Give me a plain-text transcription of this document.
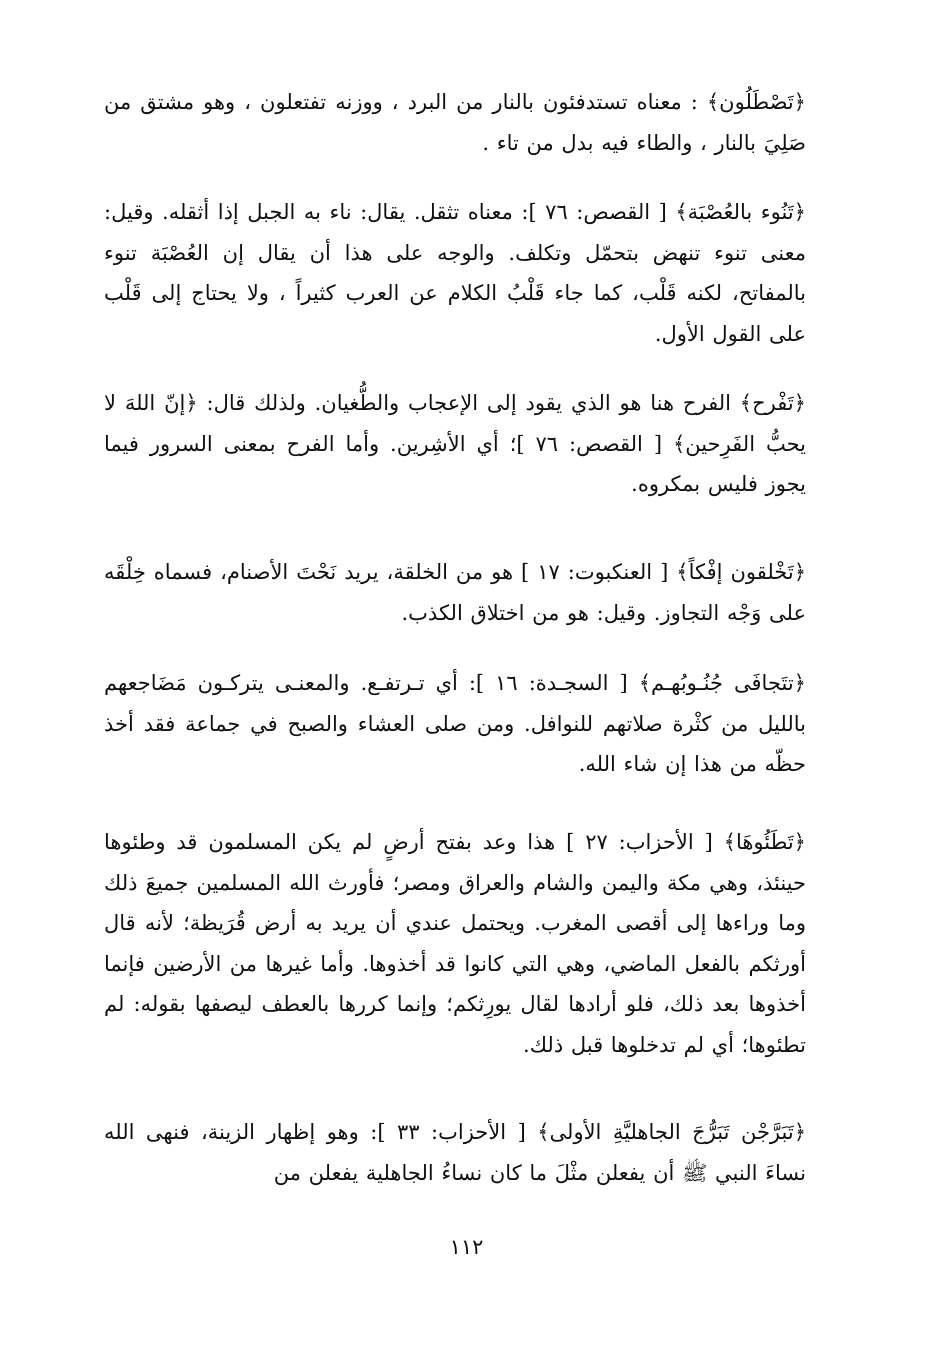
﴿تَصْطَلُون﴾ : معناه تستدفئون بالنار من البرد ، ووزنه تفتعلون ، وهو مشتق من صَلِيَ بالنار ، والطاء فيه بدل من تاء .

﴿تَنُوء بالعُصْبَة﴾ [ القصص: ٧٦ ]: معناه تثقل. يقال: ناء به الجبل إذا أثقله. وقيل: معنى تنوء تنهض بتحمّل وتكلف. والوجه على هذا أن يقال إن العُصْبَة تنوء بالمفاتح، لكنه قَلْب، كما جاء قَلْبُ الكلام عن العرب كثيراً ، ولا يحتاج إلى قَلْب على القول الأول.

﴿تَفْرح﴾ الفرح هنا هو الذي يقود إلى الإعجاب والطُّغيان. ولذلك قال: ﴿إنّ اللهَ لا يحبُّ الفَرِحين﴾ [ القصص: ٧٦ ]؛ أي الأشِرين. وأما الفرح بمعنى السرور فيما يجوز فليس بمكروه.

﴿تَخْلقون إفْكاً﴾ [ العنكبوت: ١٧ ] هو من الخلقة، يريد نَحْتَ الأصنام، فسماه خِلْقَه على وَجْه التجاوز. وقيل: هو من اختلاق الكذب.

﴿تتَجافَى جُنُـوبُهـم﴾ [ السجـدة: ١٦ ]: أي تـرتفـع. والمعنـى يتركـون مَضَاجعهم بالليل من كثْرة صلاتهم للنوافل. ومن صلى العشاء والصبح في جماعة فقد أخذ حظّه من هذا إن شاء الله.

﴿تَطَئُوهَا﴾ [ الأحزاب: ٢٧ ] هذا وعد بفتح أرضٍ لم يكن المسلمون قد وطئوها حينئذ، وهي مكة واليمن والشام والعراق ومصر؛ فأورث الله المسلمين جميعَ ذلك وما وراءها إلى أقصى المغرب. ويحتمل عندي أن يريد به أرض قُرَيظة؛ لأنه قال أورثكم بالفعل الماضي، وهي التي كانوا قد أخذوها. وأما غيرها من الأرضين فإنما أخذوها بعد ذلك، فلو أرادها لقال يورِثكم؛ وإنما كررها بالعطف ليصفها بقوله: لم تطئوها؛ أي لم تدخلوها قبل ذلك.

﴿تَبَرَّجْن تَبَرُّجَ الجاهليَّةِ الأولى﴾ [ الأحزاب: ٣٣ ]: وهو إظهار الزينة، فنهى الله نساءَ النبي ﷺ أن يفعلن مثْلَ ما كان نساءُ الجاهلية يفعلن من

١١٢
